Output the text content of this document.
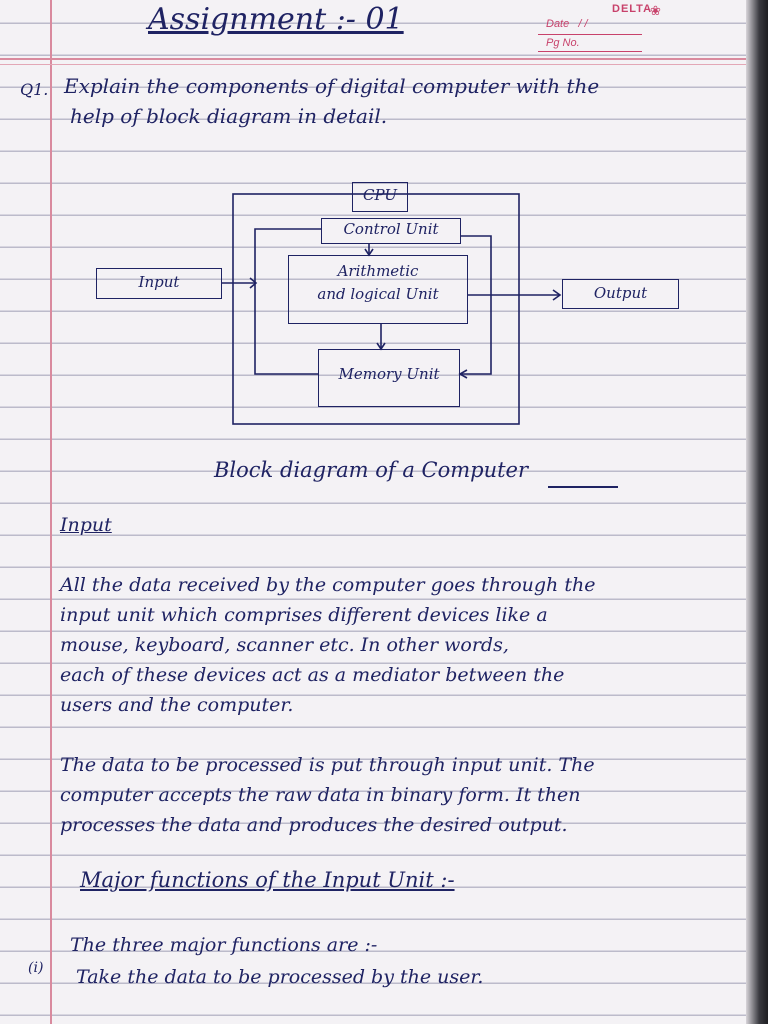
Assignment :- 01	DELTA
❀
Date / /
Pg No.
Q1. Explain the components of digital computer with the
help of block diagram in detail.
CPU
Control Unit
Arithmetic
and logical Unit
Memory Unit
Input
Output
Block diagram of a Computer
Input
All the data received by the computer goes through the
input unit which comprises different devices like a
mouse, keyboard, scanner etc. In other words,
each of these devices act as a mediator between the
users and the computer.
The data to be processed is put through input unit. The
computer accepts the raw data in binary form. It then
processes the data and produces the desired output.
Major functions of the Input Unit :-
The three major functions are :-
(i) Take the data to be processed by the user.
